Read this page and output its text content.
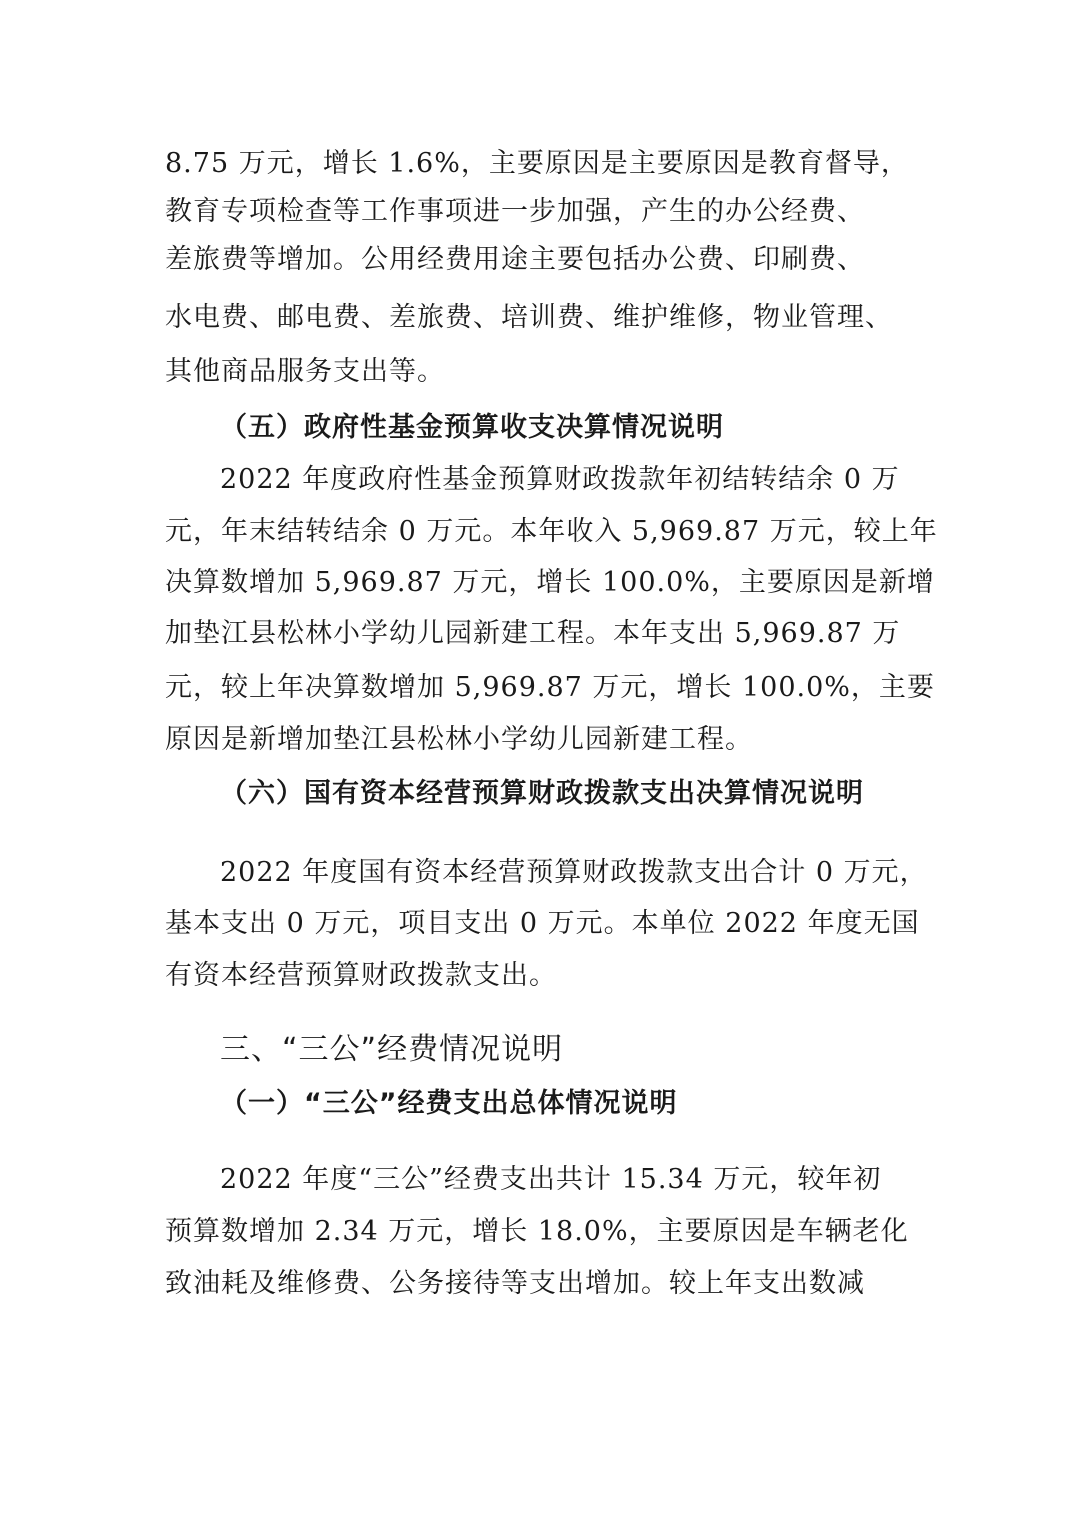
8.75 万元，增长 1.6%，主要原因是主要原因是教育督导，
教育专项检查等工作事项进一步加强，产生的办公经费、
差旅费等增加。公用经费用途主要包括办公费、印刷费、
水电费、邮电费、差旅费、培训费、维护维修，物业管理、
其他商品服务支出等。
（五）政府性基金预算收支决算情况说明
2022 年度政府性基金预算财政拨款年初结转结余 0 万
元，年末结转结余 0 万元。本年收入 5,969.87 万元，较上年
决算数增加 5,969.87 万元，增长 100.0%，主要原因是新增
加垫江县松林小学幼儿园新建工程。本年支出 5,969.87 万
元，较上年决算数增加 5,969.87 万元，增长 100.0%，主要
原因是新增加垫江县松林小学幼儿园新建工程。
（六）国有资本经营预算财政拨款支出决算情况说明
2022 年度国有资本经营预算财政拨款支出合计 0 万元，
基本支出 0 万元，项目支出 0 万元。本单位 2022 年度无国
有资本经营预算财政拨款支出。
三、“三公”经费情况说明
（一）“三公”经费支出总体情况说明
2022 年度“三公”经费支出共计 15.34 万元，较年初
预算数增加 2.34 万元，增长 18.0%，主要原因是车辆老化
致油耗及维修费、公务接待等支出增加。较上年支出数减
